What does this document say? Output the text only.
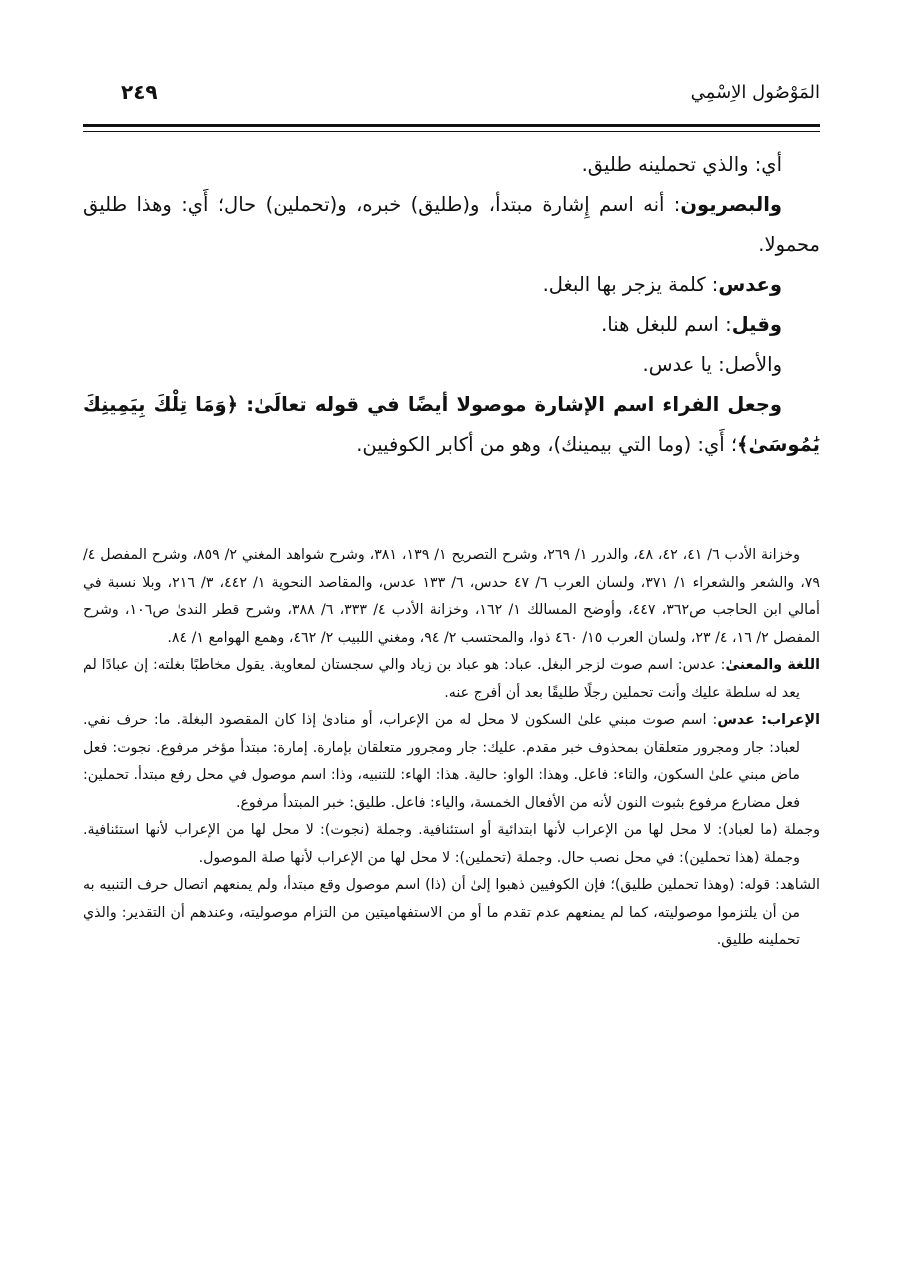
المَوْصُول الاِسْمِي
٢٤٩

أي: والذي تحملينه طليق.

والبصريون: أنه اسم إِشارة مبتدأ، و(طليق) خبره، و(تحملين) حال؛ أَي: وهذا طليق محمولا.

وعدس: كلمة يزجر بها البغل.

وقيل: اسم للبغل هنا.

والأصل: يا عدس.

وجعل الفراء اسم الإشارة موصولا أيضًا في قوله تعالَىٰ: ﴿وَمَا تِلْكَ بِيَمِينِكَ يَٰمُوسَىٰ﴾؛ أَي: (وما التي بيمينك)، وهو من أكابر الكوفيين.

وخزانة الأدب ٦/ ٤١، ٤٢، ٤٨، والدرر ١/ ٢٦٩، وشرح التصريح ١/ ١٣٩، ٣٨١، وشرح شواهد المغني ٢/ ٨٥٩، وشرح المفصل ٤/ ٧٩، والشعر والشعراء ١/ ٣٧١، ولسان العرب ٦/ ٤٧ حدس، ٦/ ١٣٣ عدس، والمقاصد النحوية ١/ ٤٤٢، ٣/ ٢١٦، وبلا نسبة في أمالي ابن الحاجب ص٣٦٢، ٤٤٧، وأوضح المسالك ١/ ١٦٢، وخزانة الأدب ٤/ ٣٣٣، ٦/ ٣٨٨، وشرح قطر الندىٰ ص١٠٦، وشرح المفصل ٢/ ١٦، ٤/ ٢٣، ولسان العرب ١٥/ ٤٦٠ ذوا، والمحتسب ٢/ ٩٤، ومغني اللبيب ٢/ ٤٦٢، وهمع الهوامع ١/ ٨٤.

اللغة والمعنىٰ: عدس: اسم صوت لزجر البغل. عباد: هو عباد بن زياد والي سجستان لمعاوية. يقول مخاطبًا بغلته: إن عبادًا لم يعد له سلطة عليك وأنت تحملين رجلًا طليقًا بعد أن أفرج عنه.

الإعراب: عدس: اسم صوت مبني علىٰ السكون لا محل له من الإعراب، أو منادىٰ إذا كان المقصود البغلة. ما: حرف نفي. لعباد: جار ومجرور متعلقان بمحذوف خبر مقدم. عليك: جار ومجرور متعلقان بإمارة. إمارة: مبتدأ مؤخر مرفوع. نجوت: فعل ماض مبني علىٰ السكون، والتاء: فاعل. وهذا: الواو: حالية. هذا: الهاء: للتنبيه، وذا: اسم موصول في محل رفع مبتدأ. تحملين: فعل مضارع مرفوع بثبوت النون لأنه من الأفعال الخمسة، والياء: فاعل. طليق: خبر المبتدأ مرفوع.

وجملة (ما لعباد): لا محل لها من الإعراب لأنها ابتدائية أو استئنافية. وجملة (نجوت): لا محل لها من الإعراب لأنها استئنافية. وجملة (هذا تحملين): في محل نصب حال. وجملة (تحملين): لا محل لها من الإعراب لأنها صلة الموصول.

الشاهد: قوله: (وهذا تحملين طليق)؛ فإن الكوفيين ذهبوا إلىٰ أن (ذا) اسم موصول وقع مبتدأ، ولم يمنعهم اتصال حرف التنبيه به من أن يلتزموا موصوليته، كما لم يمنعهم عدم تقدم ما أو من الاستفهاميتين من التزام موصوليته، وعندهم أن التقدير: والذي تحملينه طليق.
